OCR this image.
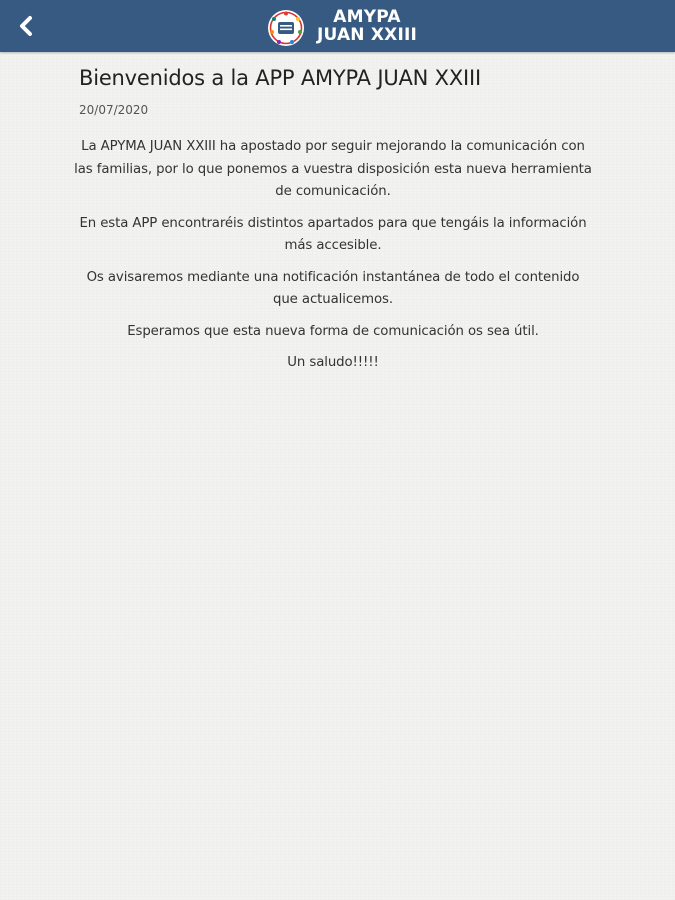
AMYPA
JUAN XXIII
Bienvenidos a la APP AMYPA JUAN XXIII
20/07/2020

La APYMA JUAN XXIII ha apostado por seguir mejorando la comunicación con las familias, por lo que ponemos a vuestra disposición esta nueva herramienta de comunicación.

En esta APP encontraréis distintos apartados para que tengáis la información más accesible.

Os avisaremos mediante una notificación instantánea de todo el contenido que actualicemos.

Esperamos que esta nueva forma de comunicación os sea útil.

Un saludo!!!!!
